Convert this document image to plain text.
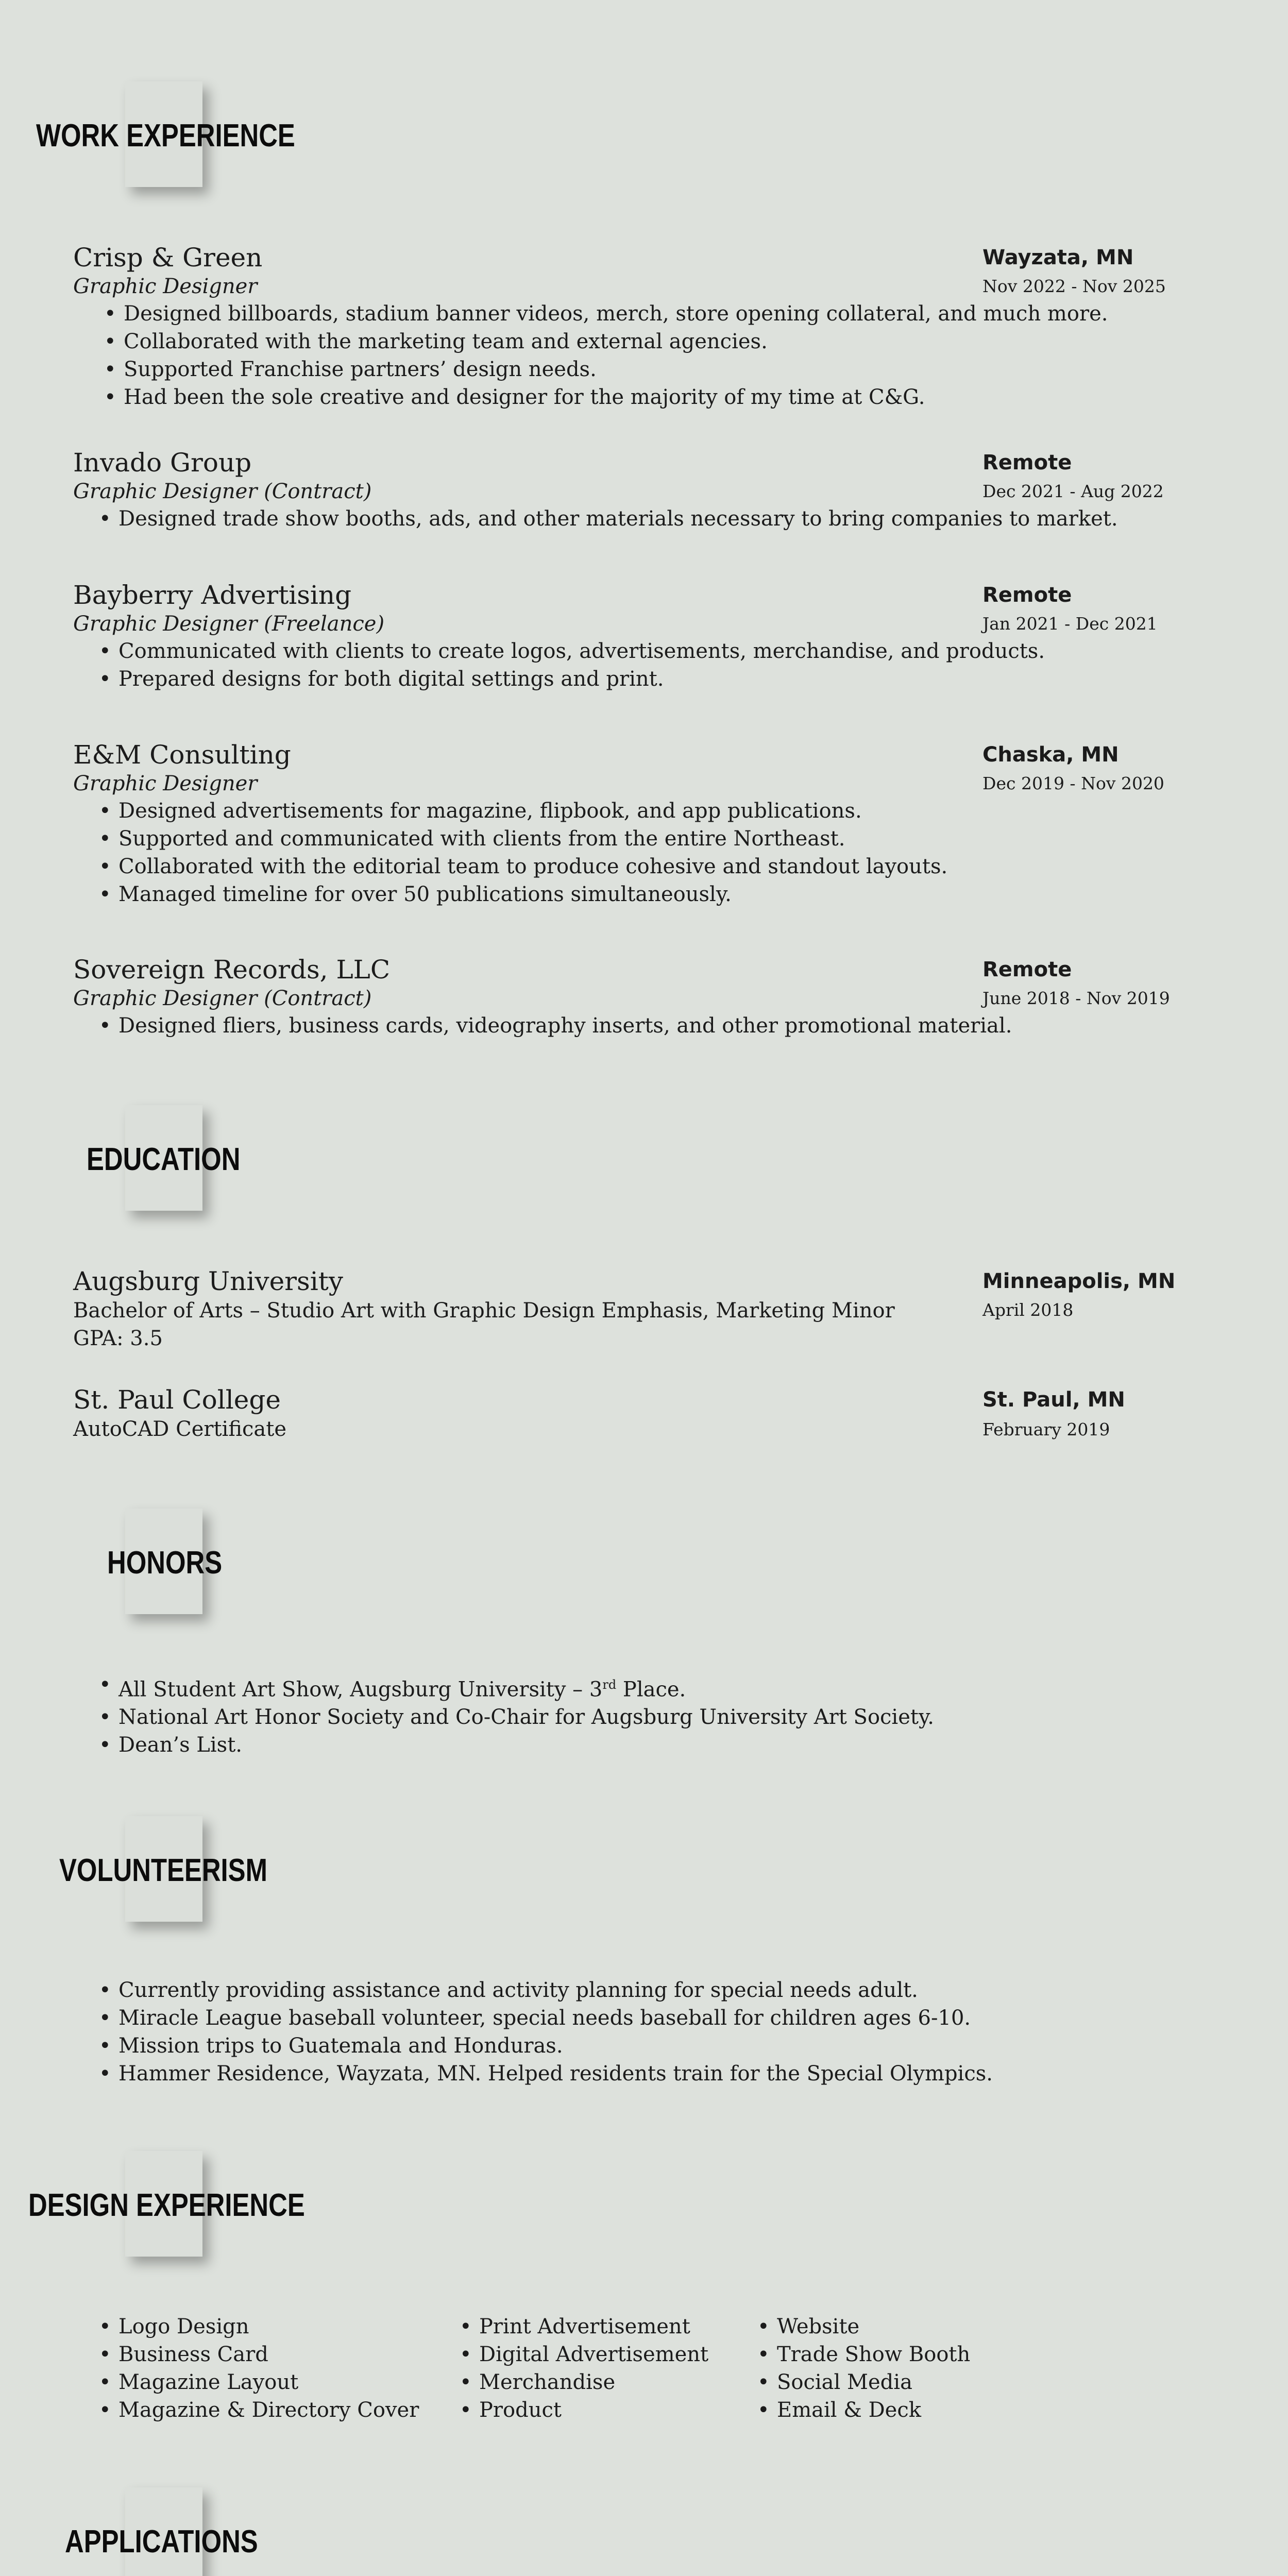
WORK EXPERIENCE
Crisp & Green
Graphic Designer
Wayzata, MN
Nov 2022 - Nov 2025
• Designed billboards, stadium banner videos, merch, store opening collateral, and much more.
• Collaborated with the marketing team and external agencies.
• Supported Franchise partners’ design needs.
• Had been the sole creative and designer for the majority of my time at C&G.
Invado Group
Graphic Designer (Contract)
Remote
Dec 2021 - Aug 2022
• Designed trade show booths, ads, and other materials necessary to bring companies to market.
Bayberry Advertising
Graphic Designer (Freelance)
Remote
Jan 2021 - Dec 2021
• Communicated with clients to create logos, advertisements, merchandise, and products.
• Prepared designs for both digital settings and print.
E&M Consulting
Graphic Designer
Chaska, MN
Dec 2019 - Nov 2020
• Designed advertisements for magazine, flipbook, and app publications.
• Supported and communicated with clients from the entire Northeast.
• Collaborated with the editorial team to produce cohesive and standout layouts.
• Managed timeline for over 50 publications simultaneously.
Sovereign Records, LLC
Graphic Designer (Contract)
Remote
June 2018 - Nov 2019
• Designed fliers, business cards, videography inserts, and other promotional material.
EDUCATION
Augsburg University
Bachelor of Arts – Studio Art with Graphic Design Emphasis, Marketing Minor
GPA: 3.5
Minneapolis, MN
April 2018
St. Paul College
AutoCAD Certificate
St. Paul, MN
February 2019
HONORS
• All Student Art Show, Augsburg University – 3rd Place.
• National Art Honor Society and Co-Chair for Augsburg University Art Society.
• Dean’s List.
VOLUNTEERISM
• Currently providing assistance and activity planning for special needs adult.
• Miracle League baseball volunteer, special needs baseball for children ages 6-10.
• Mission trips to Guatemala and Honduras.
• Hammer Residence, Wayzata, MN. Helped residents train for the Special Olympics.
DESIGN EXPERIENCE
• Logo Design
• Business Card
• Magazine Layout
• Magazine & Directory Cover
• Print Advertisement
• Digital Advertisement
• Merchandise
• Product
• Website
• Trade Show Booth
• Social Media
• Email & Deck
APPLICATIONS
